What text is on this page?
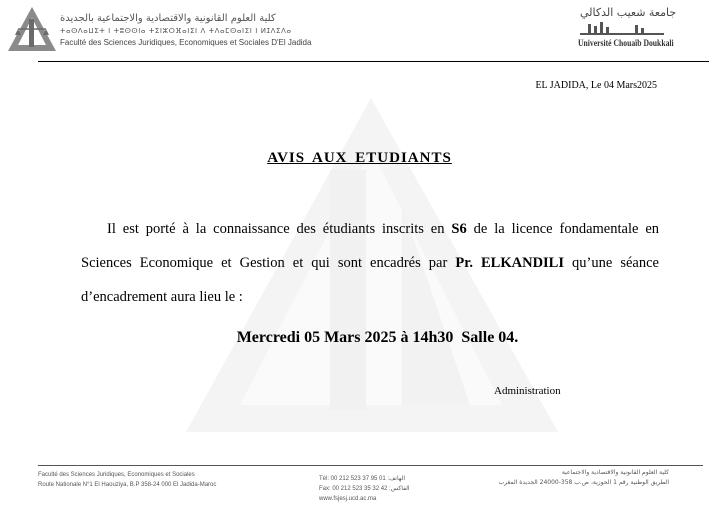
كلية العلوم القانونية والاقتصادية والاجتماعية بالجديدة
ⵜⴰⵙⴷⴰⵡⵉⵜ ⵏ ⵜⵓⵙⵙⵏⴰ ⵜⵉⵏⵣⵔⴼⴰⵏⵉⵏ ⴷ ⵜⴷⴰⵎⵙⴰⵏⵉⵏ ⵏ ⵍⵊⴷⵉⴷⴰ
Faculté des Sciences Juridiques, Economiques et Sociales D'El Jadida
جامعة شعيب الدكالي
Université Chouaïb Doukkali
EL JADIDA, Le 04 Mars2025
AVIS AUX ETUDIANTS
Il est porté à la connaissance des étudiants inscrits en S6 de la licence fondamentale en Sciences Economique et Gestion et qui sont encadrés par Pr. ELKANDILI qu’une séance d’encadrement aura lieu le :
Mercredi 05 Mars 2025 à 14h30  Salle 04.
Administration
Faculté des Sciences Juridiques, Economiques et Sociales
Route Nationale N°1 El Haouziya, B.P 358-24 000 El Jadida-Maroc
Tél: 00 212 523 37 95 01 :الهاتف
Fax: 00 212 523 35 32 42 :الفاكس
www.fsjesj.ucd.ac.ma
كلية العلوم القانونية والاقتصادية والاجتماعية
الطريق الوطنية رقم 1 الحوزية، ص.ب 358-24000 الجديدة المغرب
